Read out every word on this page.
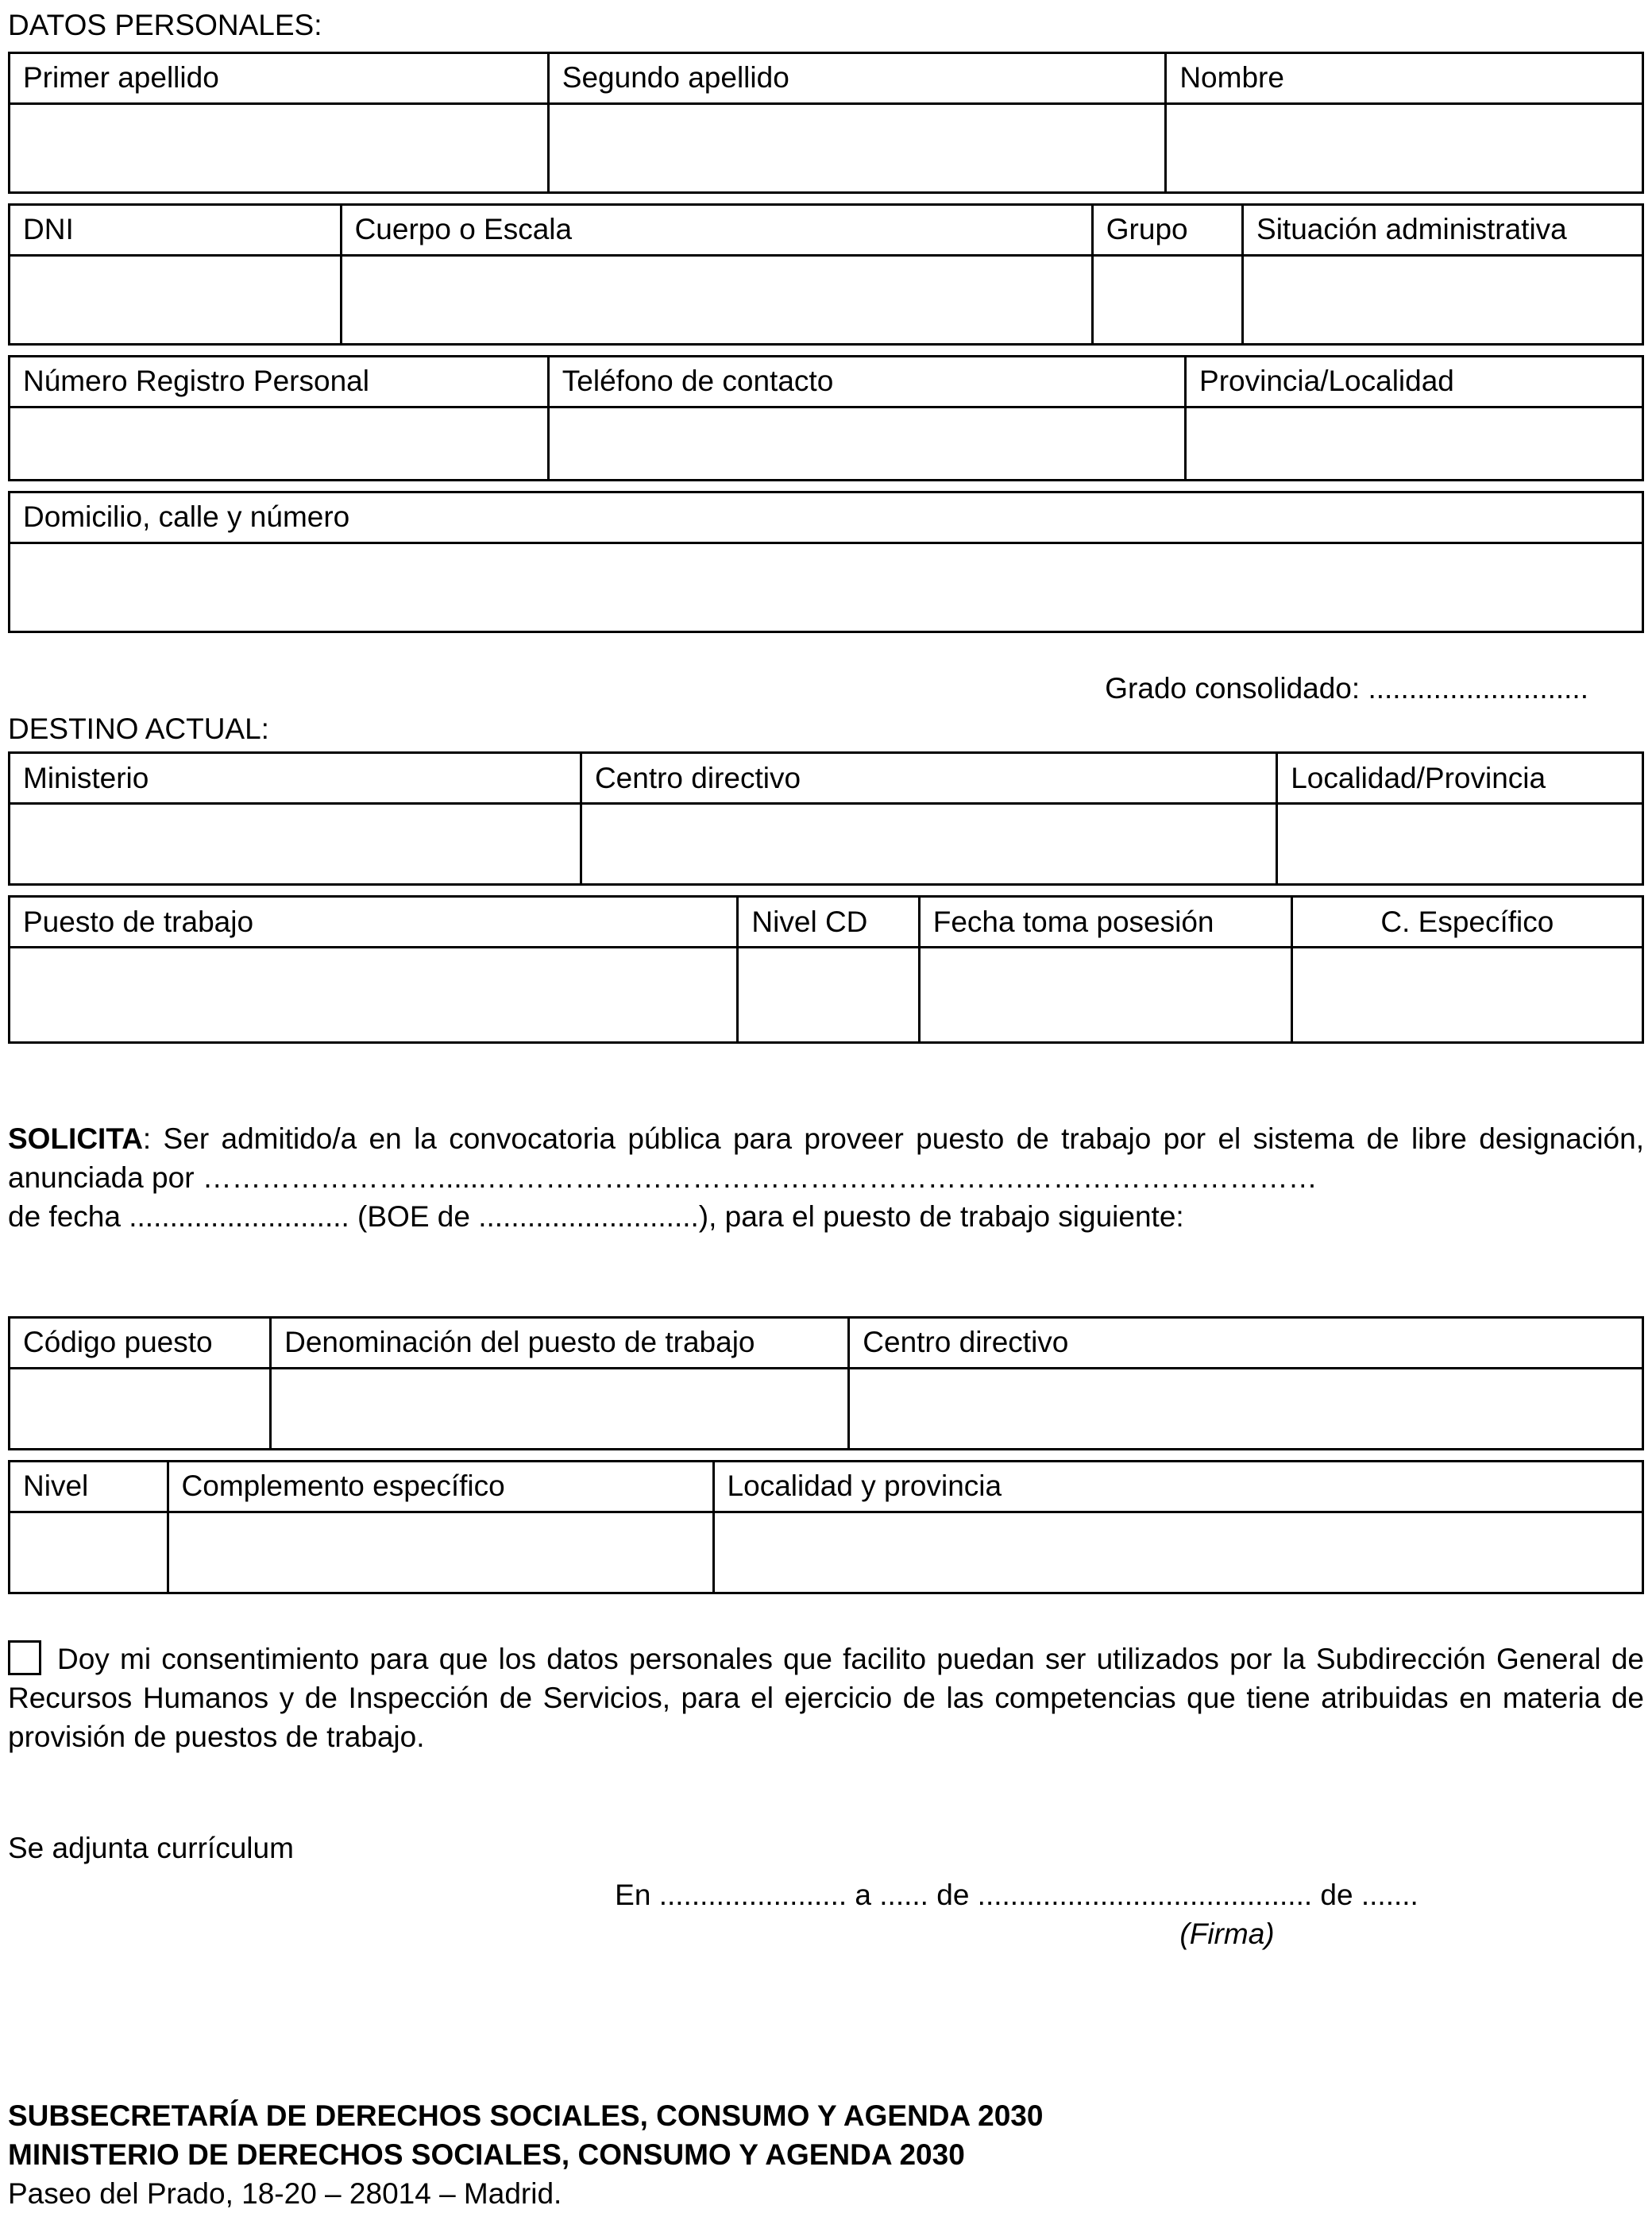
DATOS PERSONALES:
Primer apellido	Segundo apellido	Nombre

DNI	Cuerpo o Escala	Grupo	Situación administrativa

Número Registro Personal	Teléfono de contacto	Provincia/Localidad

Domicilio, calle y número

Grado consolidado: ...........................
DESTINO ACTUAL:
Ministerio	Centro directivo	Localidad/Provincia

Puesto de trabajo	Nivel CD	Fecha toma posesión	C. Específico

SOLICITA: Ser admitido/a en la convocatoria pública para proveer puesto de trabajo por el sistema de libre designación, anunciada por ……………………......……………………………………………….…………………………

de fecha ........................... (BOE de ...........................), para el puesto de trabajo siguiente:
Código puesto	Denominación del puesto de trabajo	Centro directivo

Nivel	Complemento específico	Localidad y provincia

Doy mi consentimiento para que los datos personales que facilito puedan ser utilizados por la Subdirección General de Recursos Humanos y de Inspección de Servicios, para el ejercicio de las competencias que tiene atribuidas en materia de provisión de puestos de trabajo.

Se adjunta currículum
En ....................... a ...... de ......................................... de .......
(Firma)
SUBSECRETARÍA DE DERECHOS SOCIALES, CONSUMO Y AGENDA 2030
MINISTERIO DE DERECHOS SOCIALES, CONSUMO Y AGENDA 2030
Paseo del Prado, 18-20 – 28014 – Madrid.
